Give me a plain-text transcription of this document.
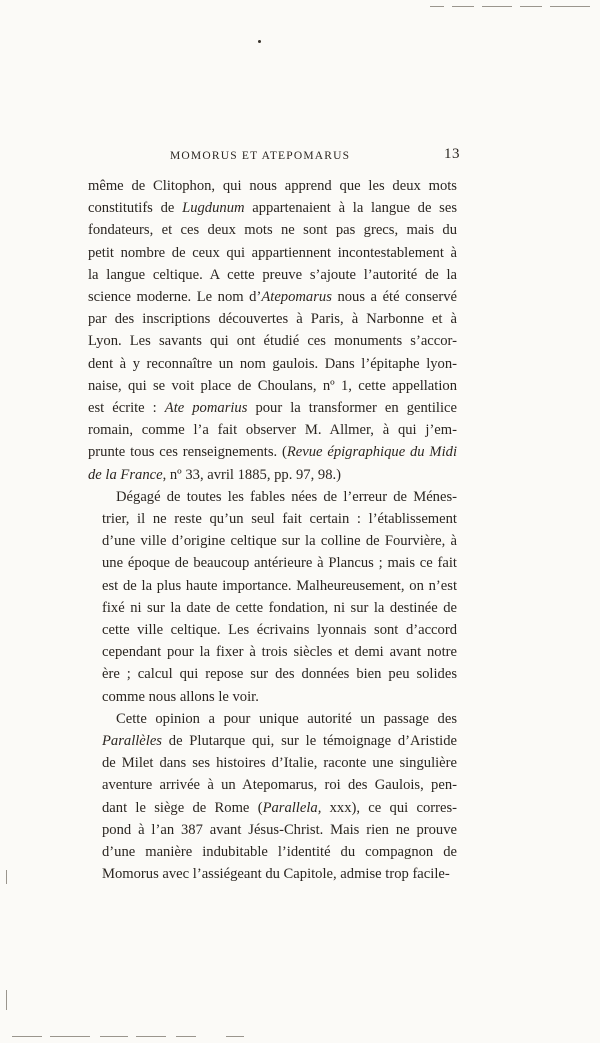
MOMORUS ET ATEPOMARUS	13

même de Clitophon, qui nous apprend que les deux mots
constitutifs de Lugdunum appartenaient à la langue de ses
fondateurs, et ces deux mots ne sont pas grecs, mais du
petit nombre de ceux qui appartiennent incontestablement à
la langue celtique. A cette preuve s’ajoute l’autorité de la
science moderne. Le nom d’Atepomarus nous a été conservé
par des inscriptions découvertes à Paris, à Narbonne et à
Lyon. Les savants qui ont étudié ces monuments s’accor-
dent à y reconnaître un nom gaulois. Dans l’épitaphe lyon-
naise, qui se voit place de Choulans, nº 1, cette appellation
est écrite : Ate pomarius pour la transformer en gentilice
romain, comme l’a fait observer M. Allmer, à qui j’em-
prunte tous ces renseignements. (Revue épigraphique du Midi
de la France, nº 33, avril 1885, pp. 97, 98.)

Dégagé de toutes les fables nées de l’erreur de Ménes-
trier, il ne reste qu’un seul fait certain : l’établissement
d’une ville d’origine celtique sur la colline de Fourvière, à
une époque de beaucoup antérieure à Plancus ; mais ce fait
est de la plus haute importance. Malheureusement, on n’est
fixé ni sur la date de cette fondation, ni sur la destinée de
cette ville celtique. Les écrivains lyonnais sont d’accord
cependant pour la fixer à trois siècles et demi avant notre
ère ; calcul qui repose sur des données bien peu solides
comme nous allons le voir.

Cette opinion a pour unique autorité un passage des
Parallèles de Plutarque qui, sur le témoignage d’Aristide
de Milet dans ses histoires d’Italie, raconte une singulière
aventure arrivée à un Atepomarus, roi des Gaulois, pen-
dant le siège de Rome (Parallela, xxx), ce qui corres-
pond à l’an 387 avant Jésus-Christ. Mais rien ne prouve
d’une manière indubitable l’identité du compagnon de
Momorus avec l’assiégeant du Capitole, admise trop facile-
